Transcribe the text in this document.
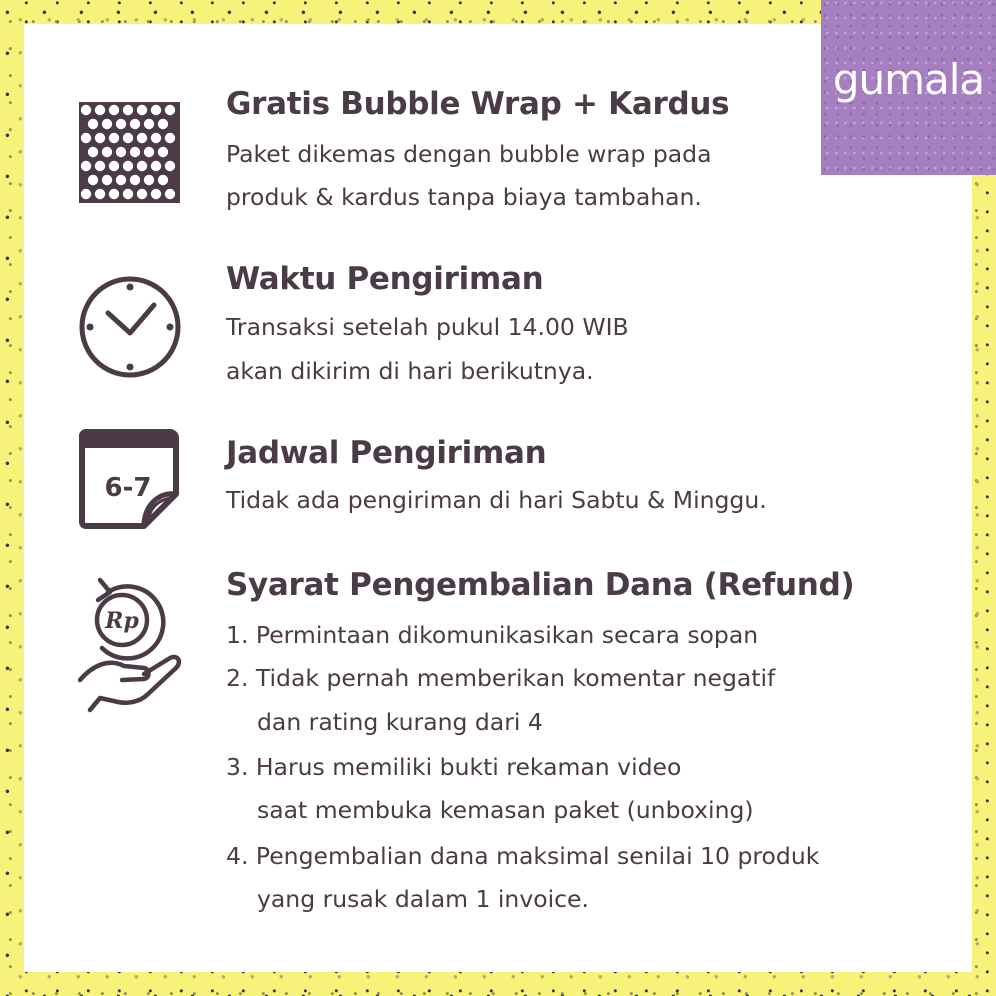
gumala
6-7
Rp
Gratis Bubble Wrap + Kardus
Paket dikemas dengan bubble wrap pada
produk & kardus tanpa biaya tambahan.
Waktu Pengiriman
Transaksi setelah pukul 14.00 WIB
akan dikirim di hari berikutnya.
Jadwal Pengiriman
Tidak ada pengiriman di hari Sabtu & Minggu.
Syarat Pengembalian Dana (Refund)
1. Permintaan dikomunikasikan secara sopan
2. Tidak pernah memberikan komentar negatif
dan rating kurang dari 4
3. Harus memiliki bukti rekaman video
saat membuka kemasan paket (unboxing)
4. Pengembalian dana maksimal senilai 10 produk
yang rusak dalam 1 invoice.
